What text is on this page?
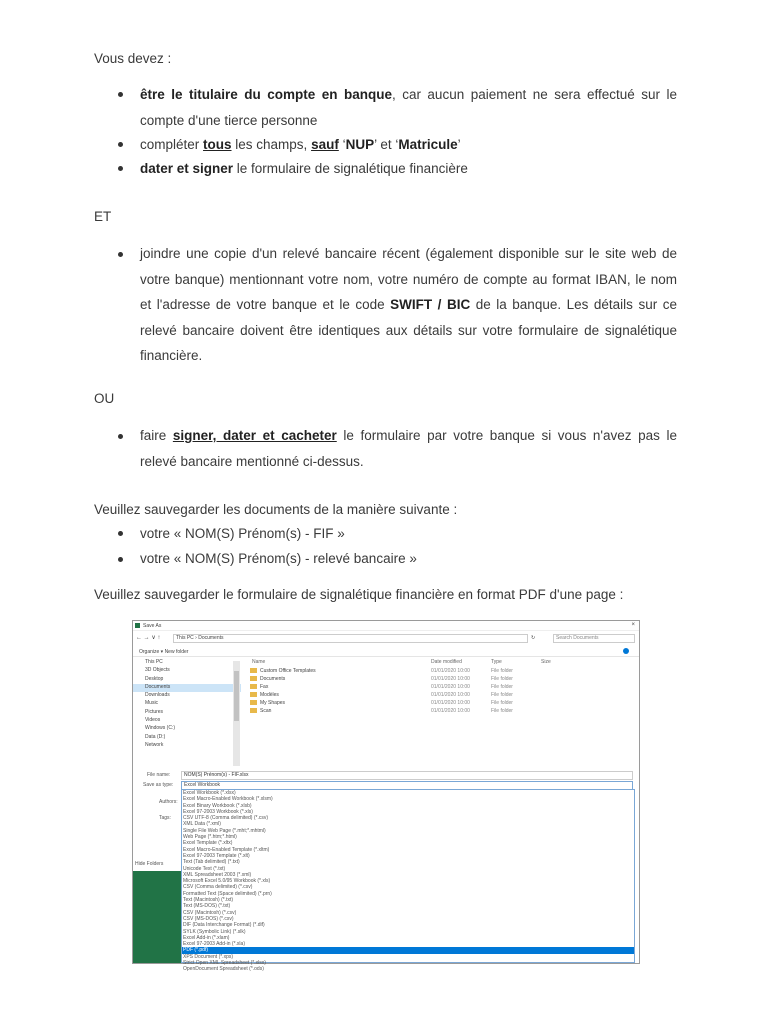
Vous devez :
être le titulaire du compte en banque, car aucun paiement ne sera effectué sur le compte d'une tierce personne
compléter tous les champs, sauf ‘NUP’ et ‘Matricule’
dater et signer le formulaire de signalétique financière
ET
joindre une copie d'un relevé bancaire récent (également disponible sur le site web de votre banque) mentionnant votre nom, votre numéro de compte au format IBAN, le nom et l'adresse de votre banque et le code SWIFT / BIC de la banque. Les détails sur ce relevé bancaire doivent être identiques aux détails sur votre formulaire de signalétique financière.
OU
faire signer, dater et cacheter le formulaire par votre banque si vous n'avez pas le relevé bancaire mentionné ci-dessus.
Veuillez sauvegarder les documents de la manière suivante :
votre « NOM(S) Prénom(s) - FIF »
votre « NOM(S) Prénom(s) - relevé bancaire »
Veuillez sauvegarder le formulaire de signalétique financière en format PDF d'une page :
Save As	×
← → ∨ ↑	This PC › Documents	↻	Search Documents
Organize ▾ New folder
This PC
3D Objects
Desktop
Documents
Downloads
Music
Pictures
Videos
Windows (C:)
Data (D:)
Network
Name	Date modified	Type	Size
Custom Office Templates	01/01/2020 10:00	File folder
Documents	01/01/2020 10:00	File folder
Fax	01/01/2020 10:00	File folder
Modèles	01/01/2020 10:00	File folder
My Shapes	01/01/2020 10:00	File folder
Scan	01/01/2020 10:00	File folder
File name:	NOM(S) Prénom(s) - FIF.xlsx
Save as type:	Excel Workbook
Authors:
Tags:
Hide Folders
Excel Workbook (*.xlsx)
Excel Macro-Enabled Workbook (*.xlsm)
Excel Binary Workbook (*.xlsb)
Excel 97-2003 Workbook (*.xls)
CSV UTF-8 (Comma delimited) (*.csv)
XML Data (*.xml)
Single File Web Page (*.mht;*.mhtml)
Web Page (*.htm;*.html)
Excel Template (*.xltx)
Excel Macro-Enabled Template (*.xltm)
Excel 97-2003 Template (*.xlt)
Text (Tab delimited) (*.txt)
Unicode Text (*.txt)
XML Spreadsheet 2003 (*.xml)
Microsoft Excel 5.0/95 Workbook (*.xls)
CSV (Comma delimited) (*.csv)
Formatted Text (Space delimited) (*.prn)
Text (Macintosh) (*.txt)
Text (MS-DOS) (*.txt)
CSV (Macintosh) (*.csv)
CSV (MS-DOS) (*.csv)
DIF (Data Interchange Format) (*.dif)
SYLK (Symbolic Link) (*.slk)
Excel Add-in (*.xlam)
Excel 97-2003 Add-in (*.xla)
PDF (*.pdf)
XPS Document (*.xps)
Strict Open XML Spreadsheet (*.xlsx)
OpenDocument Spreadsheet (*.ods)
